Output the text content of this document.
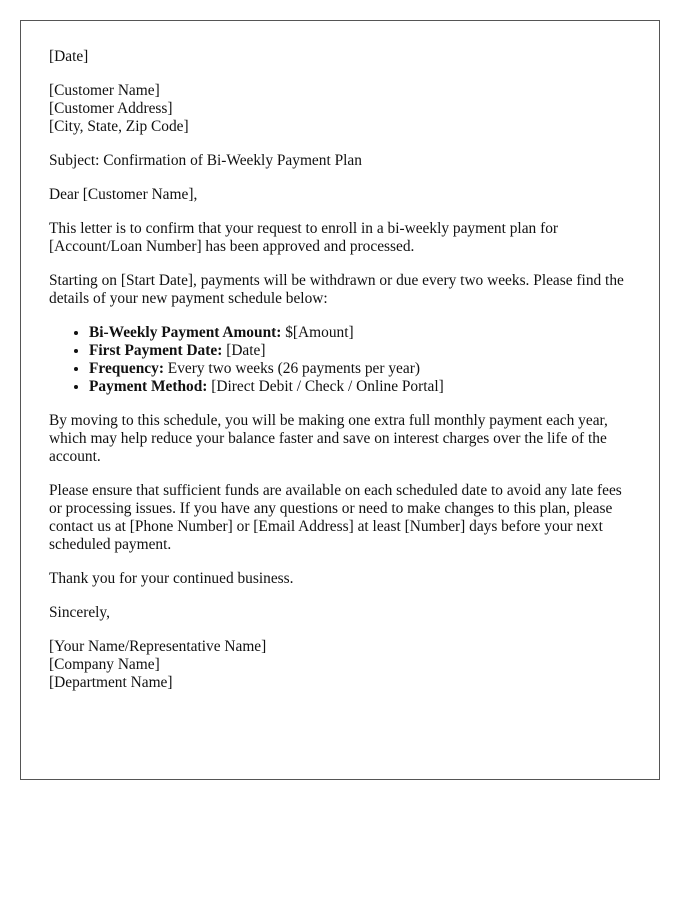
[Date]

[Customer Name]
[Customer Address]
[City, State, Zip Code]

Subject: Confirmation of Bi-Weekly Payment Plan

Dear [Customer Name],

This letter is to confirm that your request to enroll in a bi-weekly payment plan for [Account/Loan Number] has been approved and processed.

Starting on [Start Date], payments will be withdrawn or due every two weeks. Please find the details of your new payment schedule below:

• Bi-Weekly Payment Amount: $[Amount]
• First Payment Date: [Date]
• Frequency: Every two weeks (26 payments per year)
• Payment Method: [Direct Debit / Check / Online Portal]

By moving to this schedule, you will be making one extra full monthly payment each year, which may help reduce your balance faster and save on interest charges over the life of the account.

Please ensure that sufficient funds are available on each scheduled date to avoid any late fees or processing issues. If you have any questions or need to make changes to this plan, please contact us at [Phone Number] or [Email Address] at least [Number] days before your next scheduled payment.

Thank you for your continued business.

Sincerely,

[Your Name/Representative Name]
[Company Name]
[Department Name]
